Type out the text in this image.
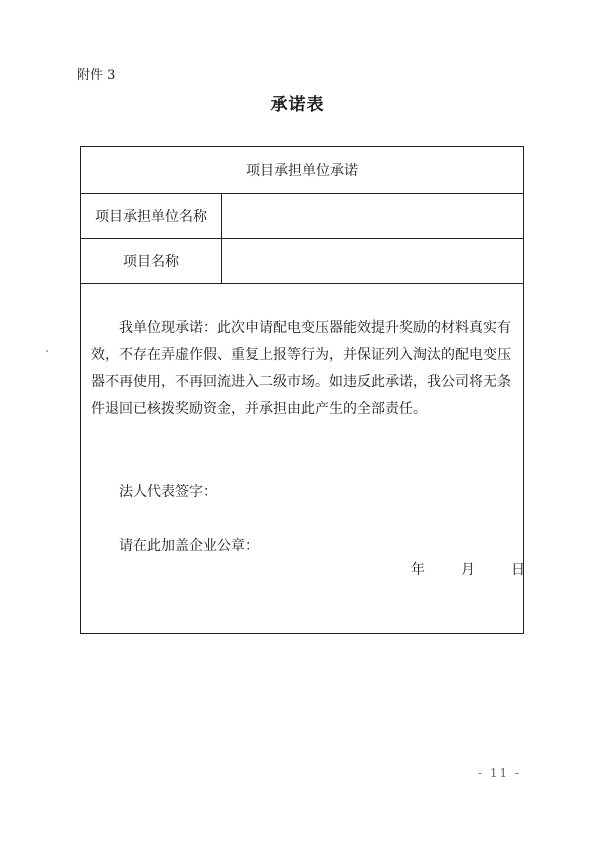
附件 3
承诺表
项目承担单位承诺
项目承担单位名称
项目名称
我单位现承诺：此次申请配电变压器能效提升奖励的材料真实有效，不存在弄虚作假、重复上报等行为，并保证列入淘汰的配电变压器不再使用，不再回流进入二级市场。如违反此承诺，我公司将无条件退回已核拨奖励资金，并承担由此产生的全部责任。
法人代表签字：
请在此加盖企业公章：
年	月	日
- 11 -
